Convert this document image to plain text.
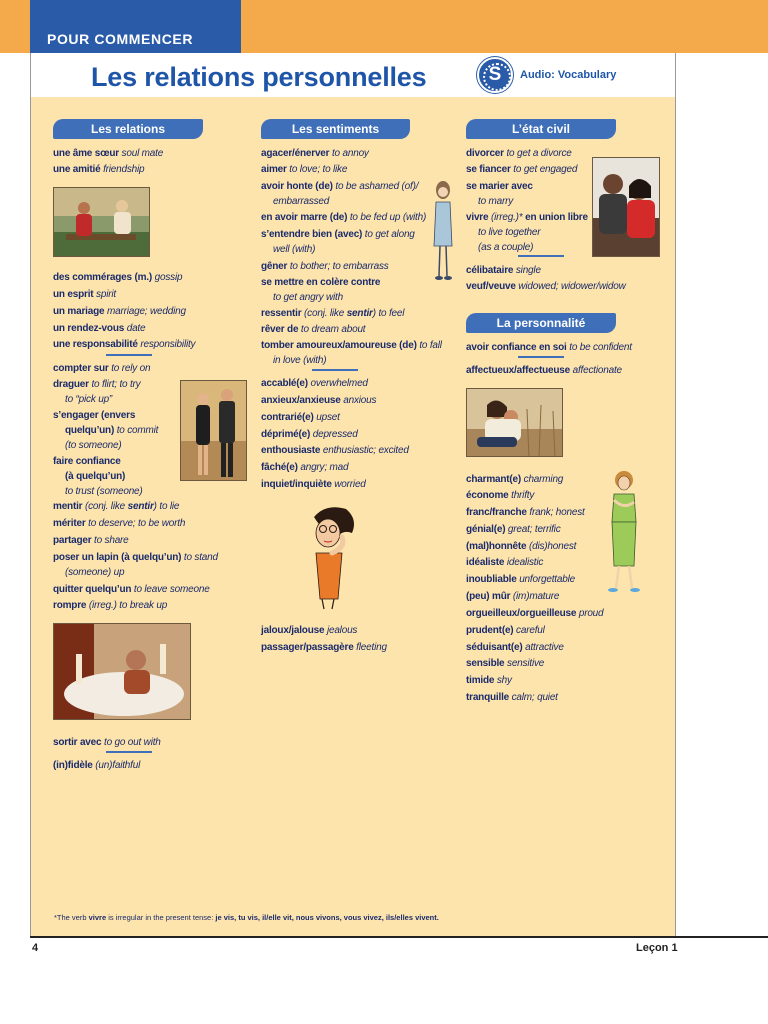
POUR COMMENCER
Les relations personnelles	S	Audio: Vocabulary
Les relations	Les sentiments	L’état civil
La personnalité
une âme sœur soul mate
une amitié friendship
des commérages (m.) gossip
un esprit spirit
un mariage marriage; wedding
un rendez-vous date
une responsabilité responsibility
compter sur to rely on
draguer to flirt; to try
to “pick up”
s’engager (envers
quelqu’un) to commit
(to someone)
faire confiance
(à quelqu’un)
to trust (someone)
mentir (conj. like sentir) to lie
mériter to deserve; to be worth
partager to share
poser un lapin (à quelqu’un) to stand
(someone) up
quitter quelqu’un to leave someone
rompre (irreg.) to break up
sortir avec to go out with
(in)fidèle (un)faithful
agacer/énerver to annoy
aimer to love; to like
avoir honte (de) to be ashamed (of)/
embarrassed
en avoir marre (de) to be fed up (with)
s’entendre bien (avec) to get along
well (with)
gêner to bother; to embarrass
se mettre en colère contre
to get angry with
ressentir (conj. like sentir) to feel
rêver de to dream about
tomber amoureux/amoureuse (de) to fall
in love (with)
accablé(e) overwhelmed
anxieux/anxieuse anxious
contrarié(e) upset
déprimé(e) depressed
enthousiaste enthusiastic; excited
fâché(e) angry; mad
inquiet/inquiète worried
jaloux/jalouse jealous
passager/passagère fleeting
divorcer to get a divorce
se fiancer to get engaged
se marier avec
to marry
vivre (irreg.)* en union libre
to live together
(as a couple)
célibataire single
veuf/veuve widowed; widower/widow
avoir confiance en soi to be confident
affectueux/affectueuse affectionate
charmant(e) charming
économe thrifty
franc/franche frank; honest
génial(e) great; terrific
(mal)honnête (dis)honest
idéaliste idealistic
inoubliable unforgettable
(peu) mûr (im)mature
orgueilleux/orgueilleuse proud
prudent(e) careful
séduisant(e) attractive
sensible sensitive
timide shy
tranquille calm; quiet
*The verb vivre is irregular in the present tense: je vis, tu vis, il/elle vit, nous vivons, vous vivez, ils/elles vivent.
4	Leçon 1
